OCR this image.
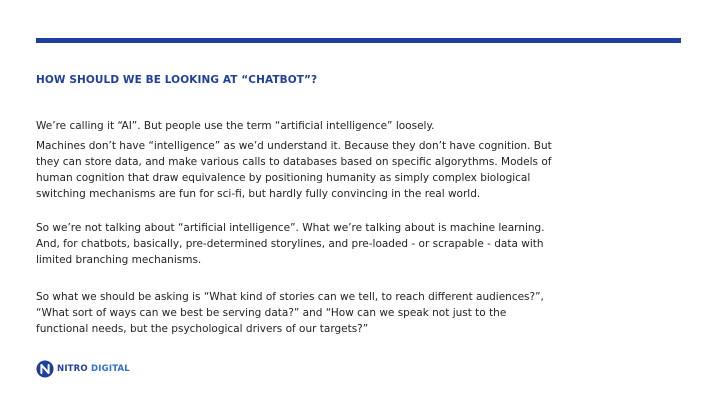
HOW SHOULD WE BE LOOKING AT “CHATBOT”?

We’re calling it “AI”. But people use the term “artificial intelligence” loosely.

Machines don’t have “intelligence” as we’d understand it. Because they don’t have cognition. But they can store data, and make various calls to databases based on specific algorythms. Models of human cognition that draw equivalence by positioning humanity as simply complex biological switching mechanisms are fun for sci-fi, but hardly fully convincing in the real world.

So we’re not talking about “artificial intelligence”. What we’re talking about is machine learning. And, for chatbots, basically, pre-determined storylines, and pre-loaded - or scrapable - data with limited branching mechanisms.
So what we should be asking is “What kind of stories can we tell, to reach different audiences?”, “What sort of ways can we best be serving data?” and “How can we speak not just to the functional needs, but the psychological drivers of our targets?”
NITRO DIGITAL
